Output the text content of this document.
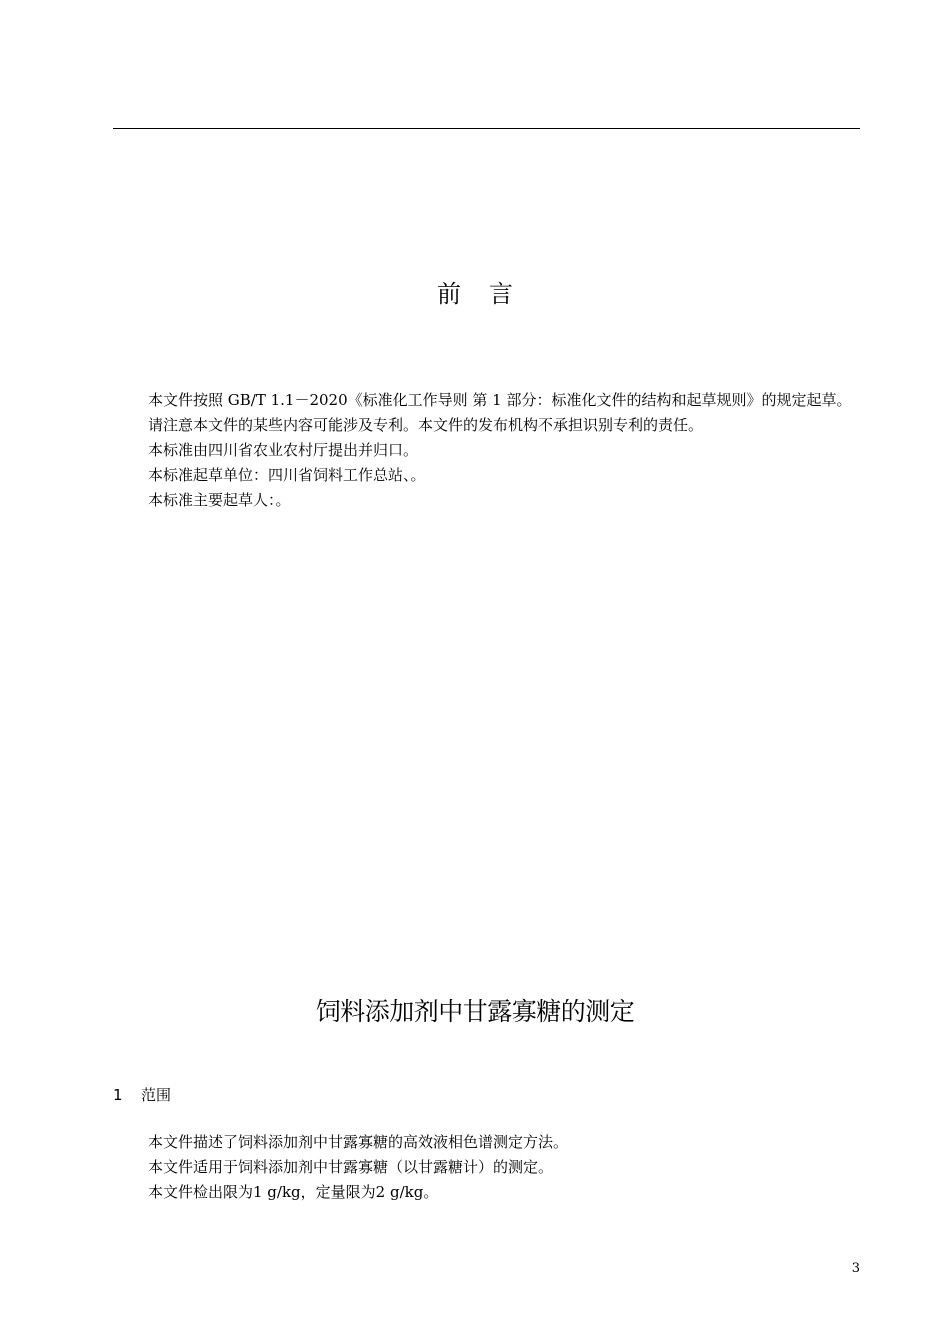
前言

本文件按照 GB/T 1.1－2020《标准化工作导则 第 1 部分：标准化文件的结构和起草规则》的规定起草。

请注意本文件的某些内容可能涉及专利。本文件的发布机构不承担识别专利的责任。

本标准由四川省农业农村厅提出并归口。

本标准起草单位：四川省饲料工作总站、。

本标准主要起草人：。

饲料添加剂中甘露寡糖的测定
1 范围

本文件描述了饲料添加剂中甘露寡糖的高效液相色谱测定方法。

本文件适用于饲料添加剂中甘露寡糖（以甘露糖计）的测定。

本文件检出限为1 g/kg，定量限为2 g/kg。

3
